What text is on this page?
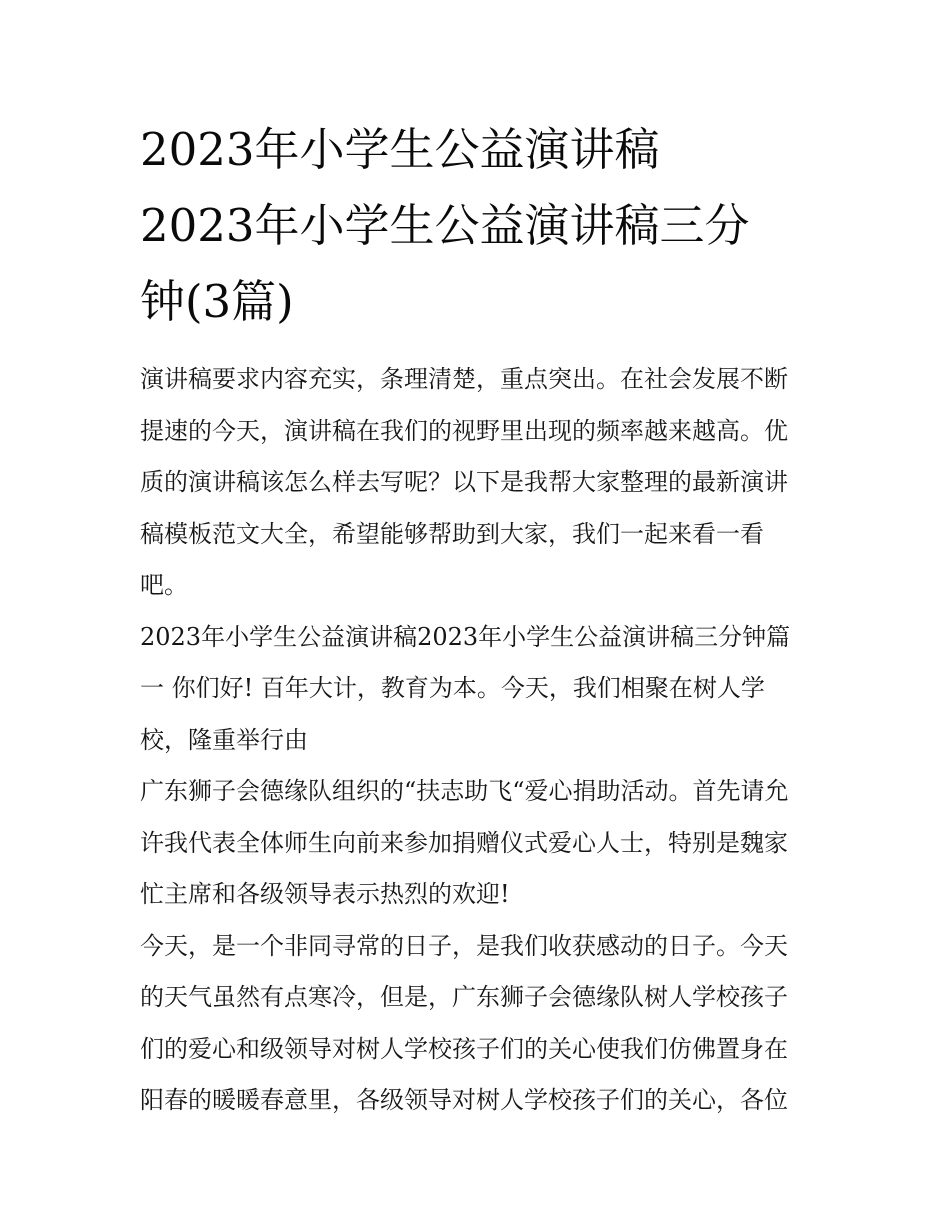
2023年小学生公益演讲稿
2023年小学生公益演讲稿三分
钟(3篇)

演讲稿要求内容充实，条理清楚，重点突出。在社会发展不断
提速的今天，演讲稿在我们的视野里出现的频率越来越高。优
质的演讲稿该怎么样去写呢？以下是我帮大家整理的最新演讲
稿模板范文大全，希望能够帮助到大家，我们一起来看一看
吧。

2023年小学生公益演讲稿2023年小学生公益演讲稿三分钟篇
一 你们好! 百年大计，教育为本。今天，我们相聚在树人学
校，隆重举行由

广东狮子会德缘队组织的“扶志助飞“爱心捐助活动。首先请允
许我代表全体师生向前来参加捐赠仪式爱心人士，特别是魏家
忙主席和各级领导表示热烈的欢迎!

今天，是一个非同寻常的日子，是我们收获感动的日子。今天
的天气虽然有点寒冷，但是，广东狮子会德缘队树人学校孩子
们的爱心和级领导对树人学校孩子们的关心使我们仿佛置身在
阳春的暖暖春意里，各级领导对树人学校孩子们的关心，各位
